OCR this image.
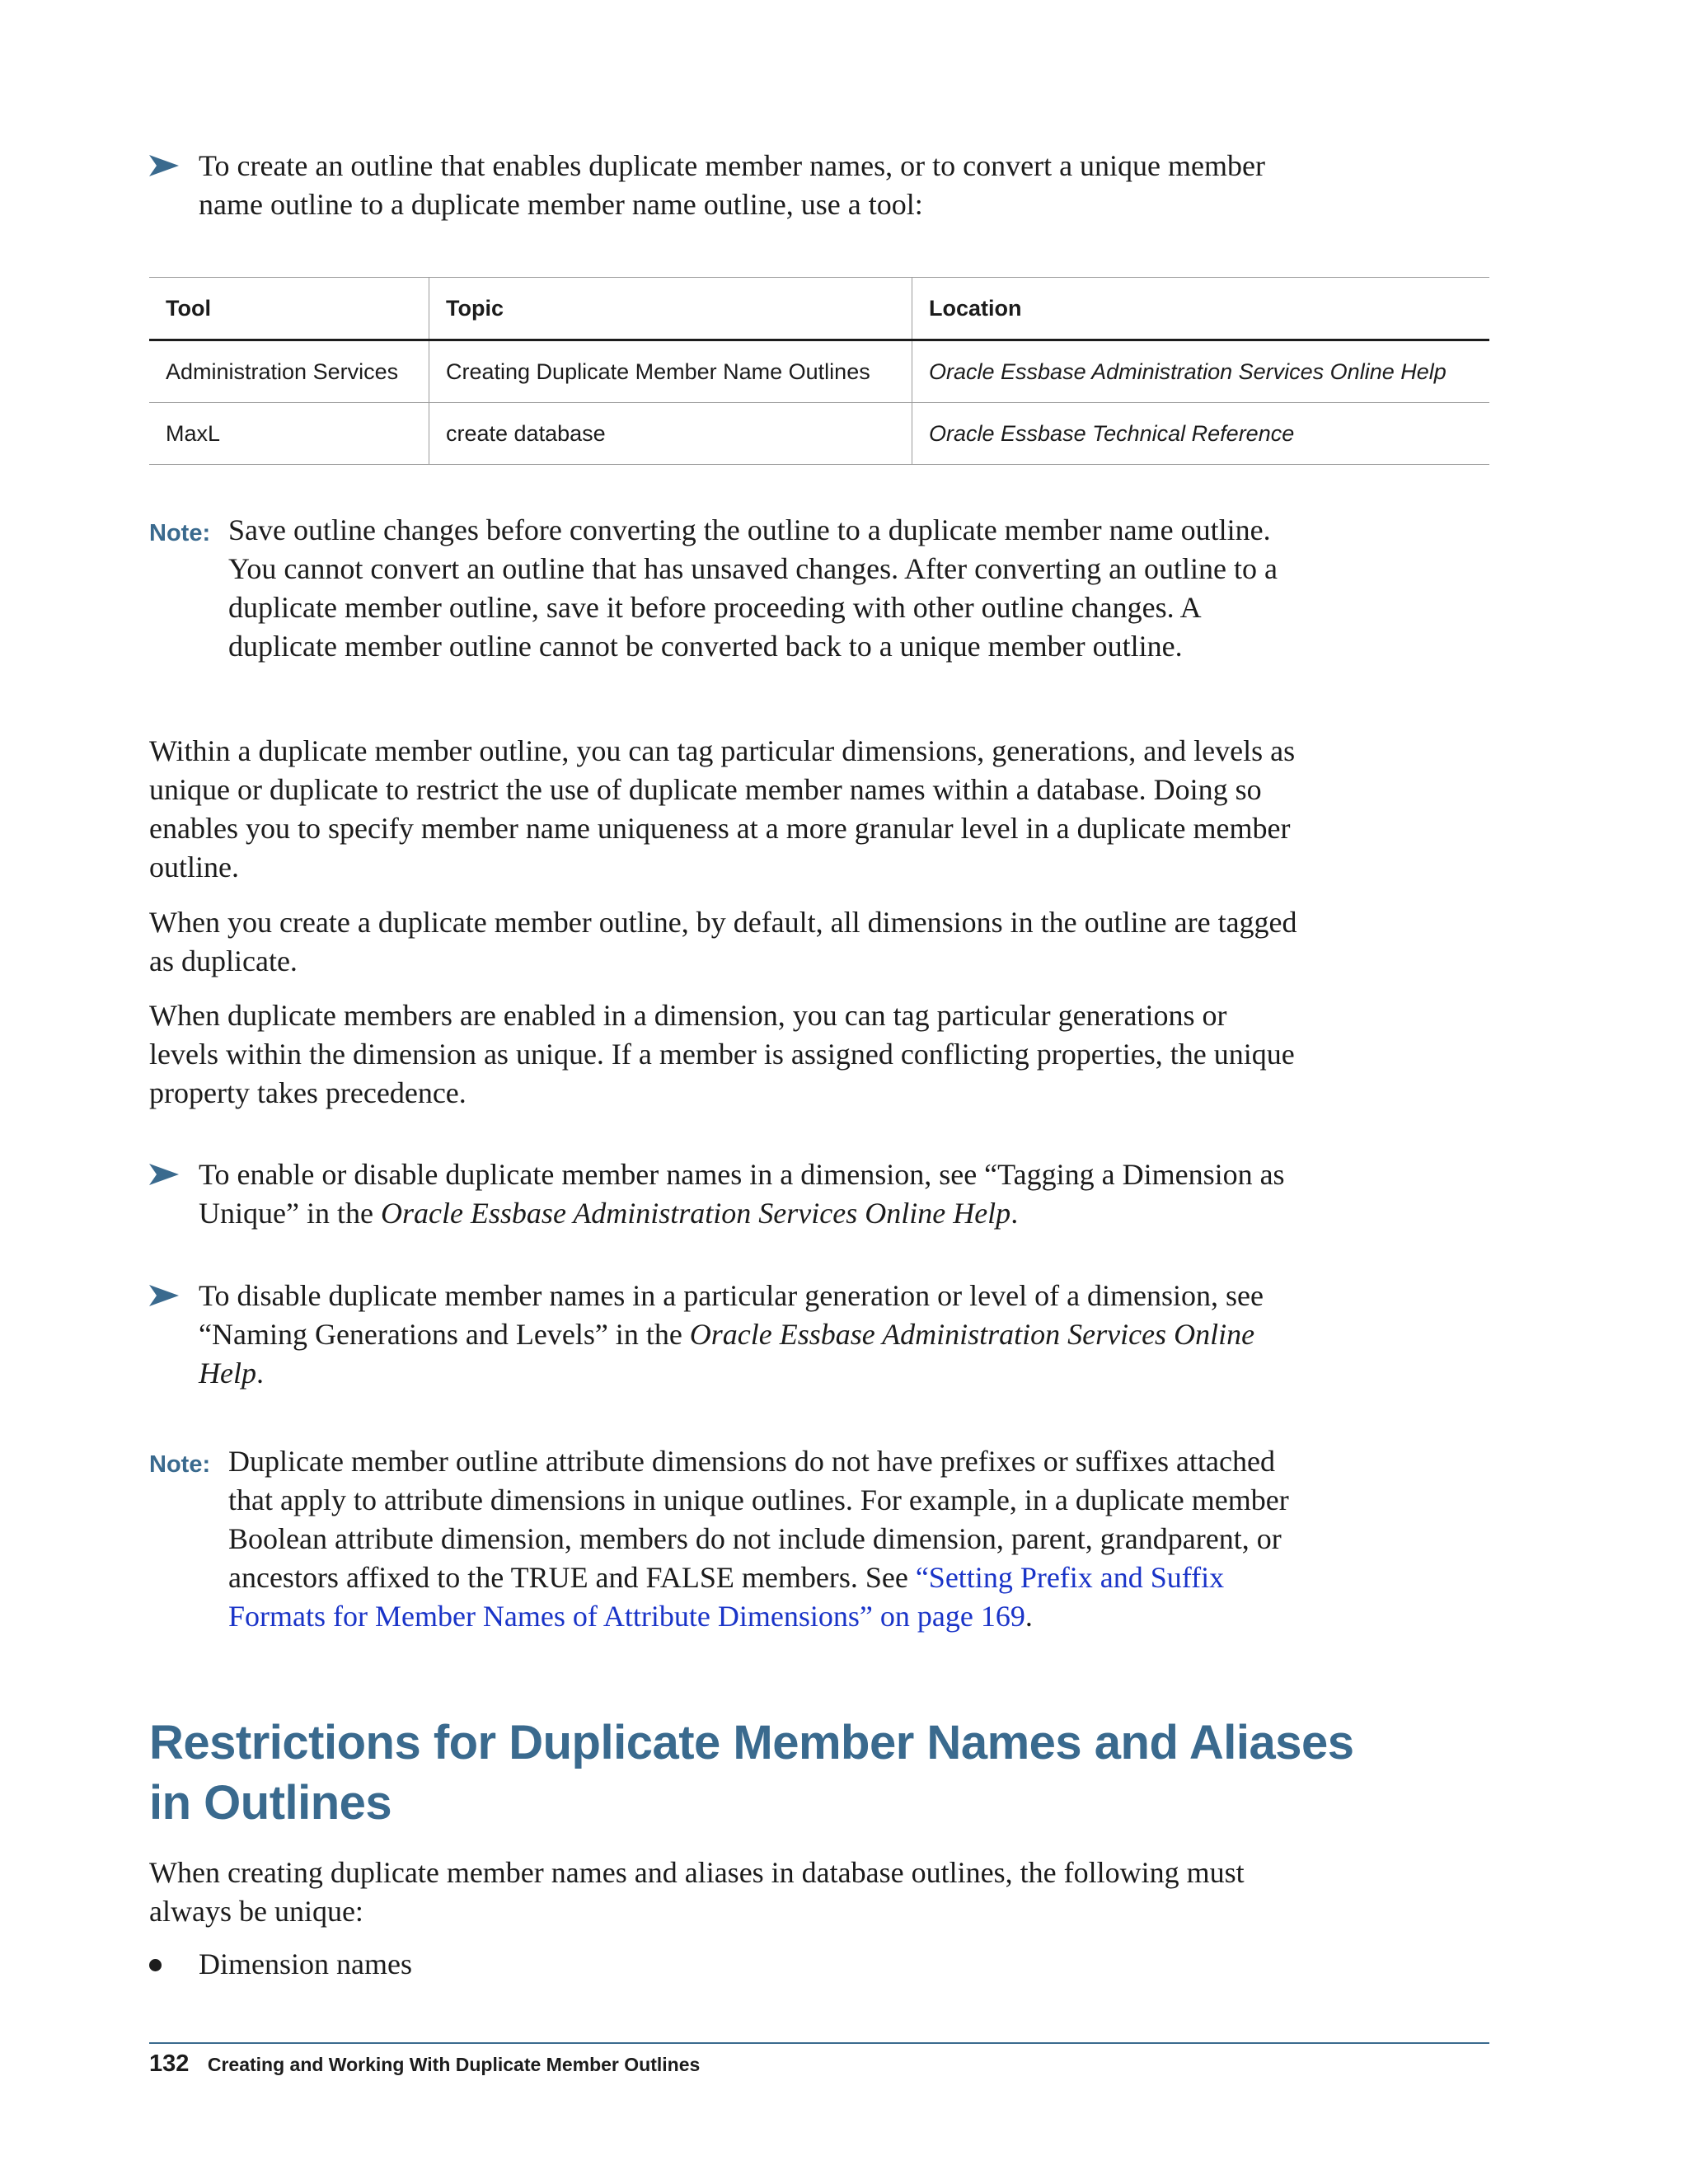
To create an outline that enables duplicate member names, or to convert a unique member name outline to a duplicate member name outline, use a tool:
Tool	Topic	Location
Administration Services	Creating Duplicate Member Name Outlines	Oracle Essbase Administration Services Online Help
MaxL	create database	Oracle Essbase Technical Reference
Note: Save outline changes before converting the outline to a duplicate member name outline. You cannot convert an outline that has unsaved changes. After converting an outline to a duplicate member outline, save it before proceeding with other outline changes. A duplicate member outline cannot be converted back to a unique member outline.
Within a duplicate member outline, you can tag particular dimensions, generations, and levels as unique or duplicate to restrict the use of duplicate member names within a database. Doing so enables you to specify member name uniqueness at a more granular level in a duplicate member outline.
When you create a duplicate member outline, by default, all dimensions in the outline are tagged as duplicate.
When duplicate members are enabled in a dimension, you can tag particular generations or levels within the dimension as unique. If a member is assigned conflicting properties, the unique property takes precedence.
To enable or disable duplicate member names in a dimension, see “Tagging a Dimension as Unique” in the Oracle Essbase Administration Services Online Help.
To disable duplicate member names in a particular generation or level of a dimension, see “Naming Generations and Levels” in the Oracle Essbase Administration Services Online Help.
Note: Duplicate member outline attribute dimensions do not have prefixes or suffixes attached that apply to attribute dimensions in unique outlines. For example, in a duplicate member Boolean attribute dimension, members do not include dimension, parent, grandparent, or ancestors affixed to the TRUE and FALSE members. See “Setting Prefix and Suffix Formats for Member Names of Attribute Dimensions” on page 169.
Restrictions for Duplicate Member Names and Aliases in Outlines
When creating duplicate member names and aliases in database outlines, the following must always be unique:
Dimension names
132 Creating and Working With Duplicate Member Outlines
